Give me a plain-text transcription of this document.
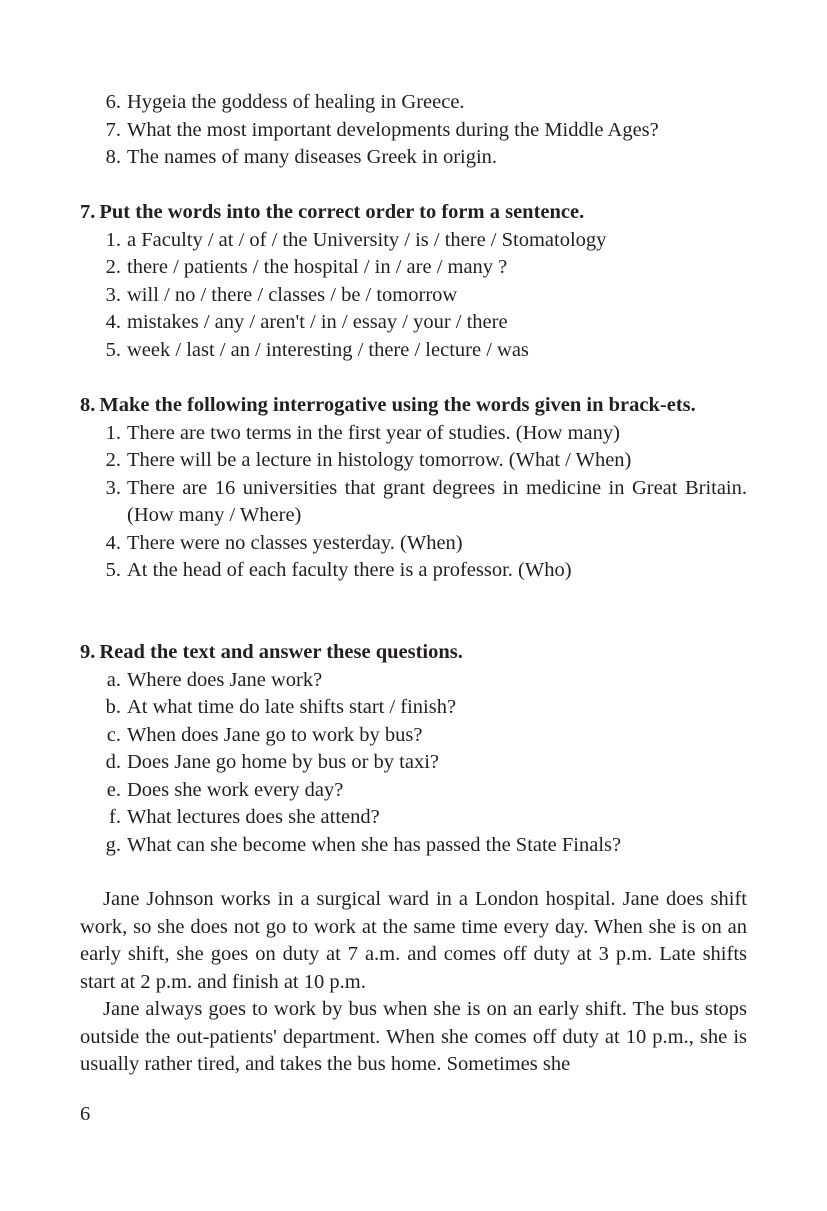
6. Hygeia the goddess of healing in Greece.
7. What the most important developments during the Middle Ages?
8. The names of many diseases Greek in origin.
7. Put the words into the correct order to form a sentence.
1. a Faculty / at / of / the University / is / there / Stomatology
2. there / patients / the hospital / in / are / many ?
3. will / no / there / classes / be / tomorrow
4. mistakes / any / aren't / in / essay / your / there
5. week / last / an / interesting / there / lecture / was
8. Make the following interrogative using the words given in brack-ets.
1. There are two terms in the first year of studies. (How many)
2. There will be a lecture in histology tomorrow. (What / When)
3. There are 16 universities that grant degrees in medicine in Great Britain. (How many / Where)
4. There were no classes yesterday. (When)
5. At the head of each faculty there is a professor. (Who)
9. Read the text and answer these questions.
a. Where does Jane work?
b. At what time do late shifts start / finish?
c. When does Jane go to work by bus?
d. Does Jane go home by bus or by taxi?
e. Does she work every day?
f. What lectures does she attend?
g. What can she become when she has passed the State Finals?
Jane Johnson works in a surgical ward in a London hospital. Jane does shift work, so she does not go to work at the same time every day. When she is on an early shift, she goes on duty at 7 a.m. and comes off duty at 3 p.m. Late shifts start at 2 p.m. and finish at 10 p.m.
Jane always goes to work by bus when she is on an early shift. The bus stops outside the out-patients' department. When she comes off duty at 10 p.m., she is usually rather tired, and takes the bus home. Sometimes she
6
